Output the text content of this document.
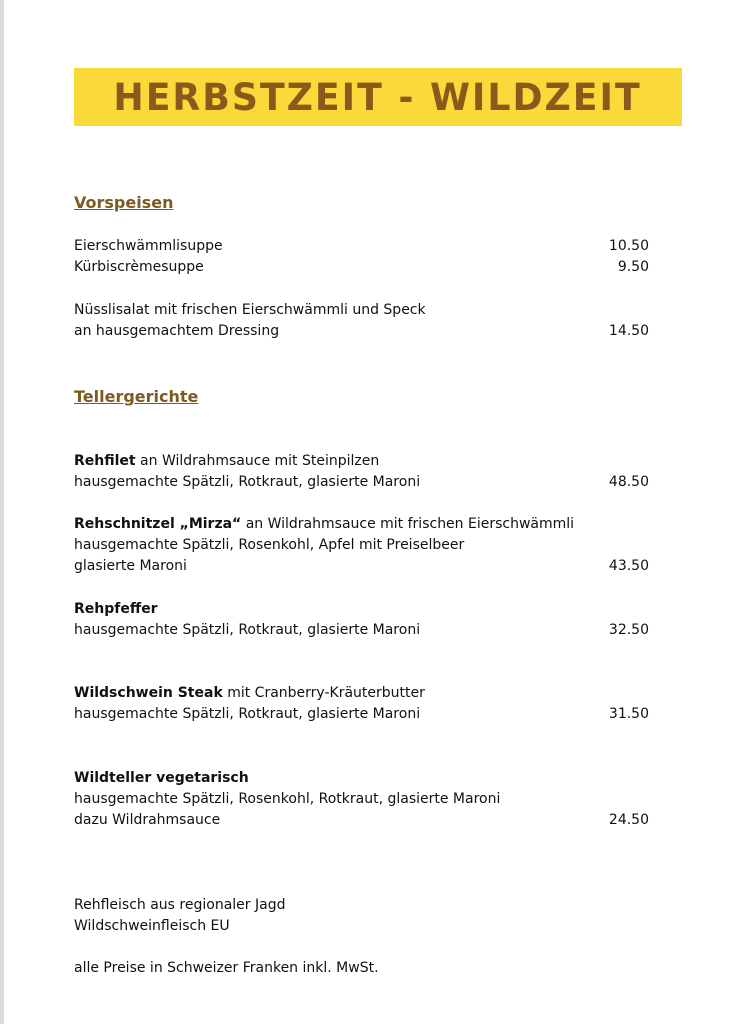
HERBSTZEIT - WILDZEIT
Vorspeisen
Eierschwämmlisuppe	10.50
Kürbiscrèmesuppe	9.50
Nüsslisalat mit frischen Eierschwämmli und Speck
an hausgemachtem Dressing	14.50
Tellergerichte
Rehfilet an Wildrahmsauce mit Steinpilzen
hausgemachte Spätzli, Rotkraut, glasierte Maroni	48.50
Rehschnitzel „Mirza“ an Wildrahmsauce mit frischen Eierschwämmli
hausgemachte Spätzli, Rosenkohl, Apfel mit Preiselbeer
glasierte Maroni	43.50
Rehpfeffer
hausgemachte Spätzli, Rotkraut, glasierte Maroni	32.50
Wildschwein Steak mit Cranberry-Kräuterbutter
hausgemachte Spätzli, Rotkraut, glasierte Maroni	31.50
Wildteller vegetarisch
hausgemachte Spätzli, Rosenkohl, Rotkraut, glasierte Maroni
dazu Wildrahmsauce	24.50
Rehfleisch aus regionaler Jagd
Wildschweinfleisch EU
alle Preise in Schweizer Franken inkl. MwSt.
